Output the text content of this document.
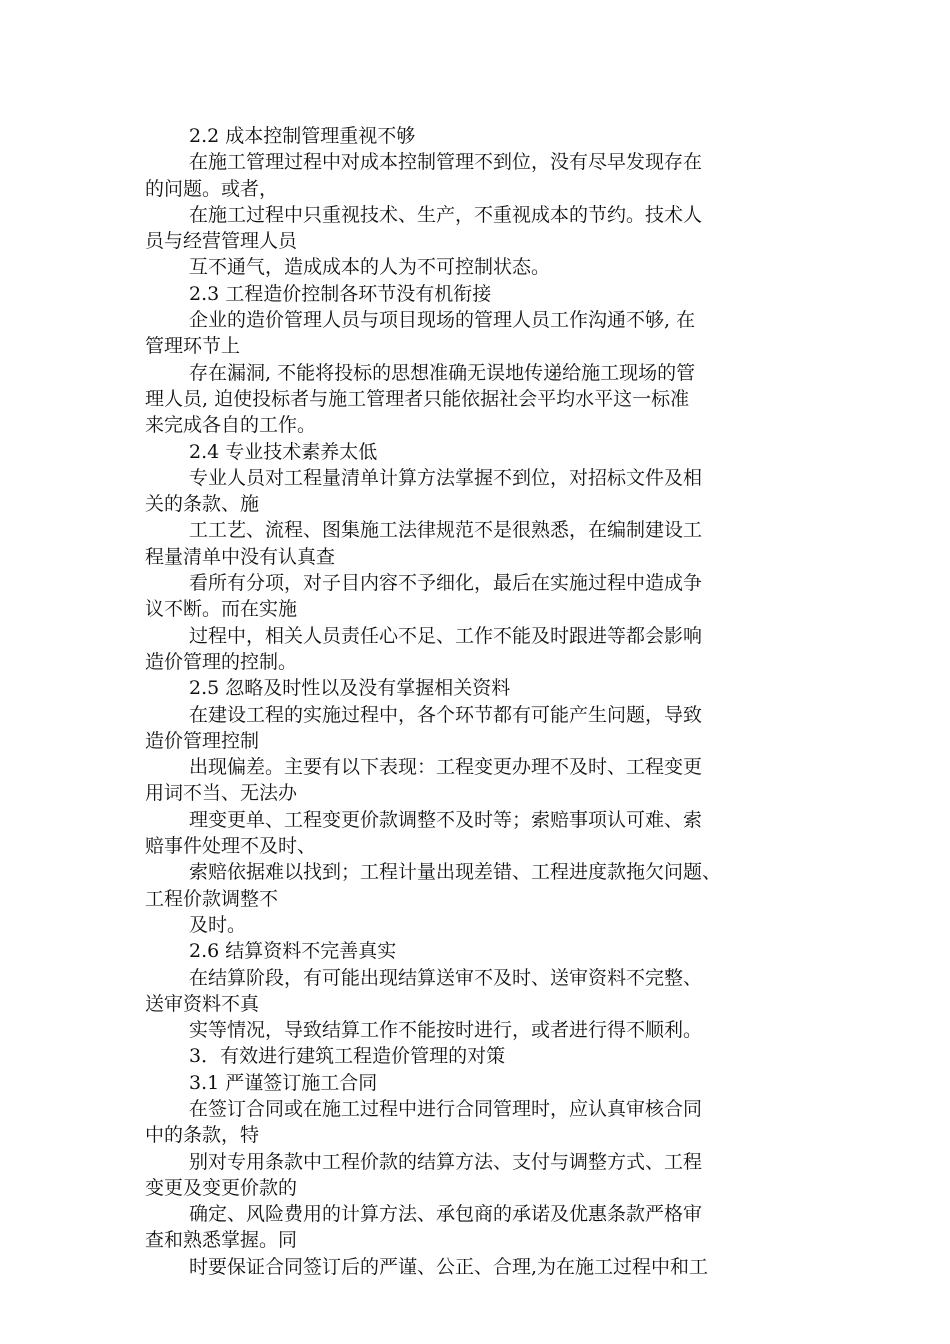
2.2 成本控制管理重视不够
在施工管理过程中对成本控制管理不到位，没有尽早发现存在
的问题。或者，
在施工过程中只重视技术、生产，不重视成本的节约。技术人
员与经营管理人员
互不通气，造成成本的人为不可控制状态。
2.3 工程造价控制各环节没有机衔接
企业的造价管理人员与项目现场的管理人员工作沟通不够, 在
管理环节上
存在漏洞, 不能将投标的思想准确无误地传递给施工现场的管
理人员, 迫使投标者与施工管理者只能依据社会平均水平这一标准
来完成各自的工作。
2.4 专业技术素养太低
专业人员对工程量清单计算方法掌握不到位，对招标文件及相
关的条款、施
工工艺、流程、图集施工法律规范不是很熟悉，在编制建设工
程量清单中没有认真查
看所有分项，对子目内容不予细化，最后在实施过程中造成争
议不断。而在实施
过程中，相关人员责任心不足、工作不能及时跟进等都会影响
造价管理的控制。
2.5 忽略及时性以及没有掌握相关资料
在建设工程的实施过程中，各个环节都有可能产生问题，导致
造价管理控制
出现偏差。主要有以下表现：工程变更办理不及时、工程变更
用词不当、无法办
理变更单、工程变更价款调整不及时等；索赔事项认可难、索
赔事件处理不及时、
索赔依据难以找到；工程计量出现差错、工程进度款拖欠问题、
工程价款调整不
及时。
2.6 结算资料不完善真实
在结算阶段，有可能出现结算送审不及时、送审资料不完整、
送审资料不真
实等情况，导致结算工作不能按时进行，或者进行得不顺利。
3．有效进行建筑工程造价管理的对策
3.1 严谨签订施工合同
在签订合同或在施工过程中进行合同管理时，应认真审核合同
中的条款，特
别对专用条款中工程价款的结算方法、支付与调整方式、工程
变更及变更价款的
确定、风险费用的计算方法、承包商的承诺及优惠条款严格审
查和熟悉掌握。同
时要保证合同签订后的严谨、公正、合理,为在施工过程中和工
